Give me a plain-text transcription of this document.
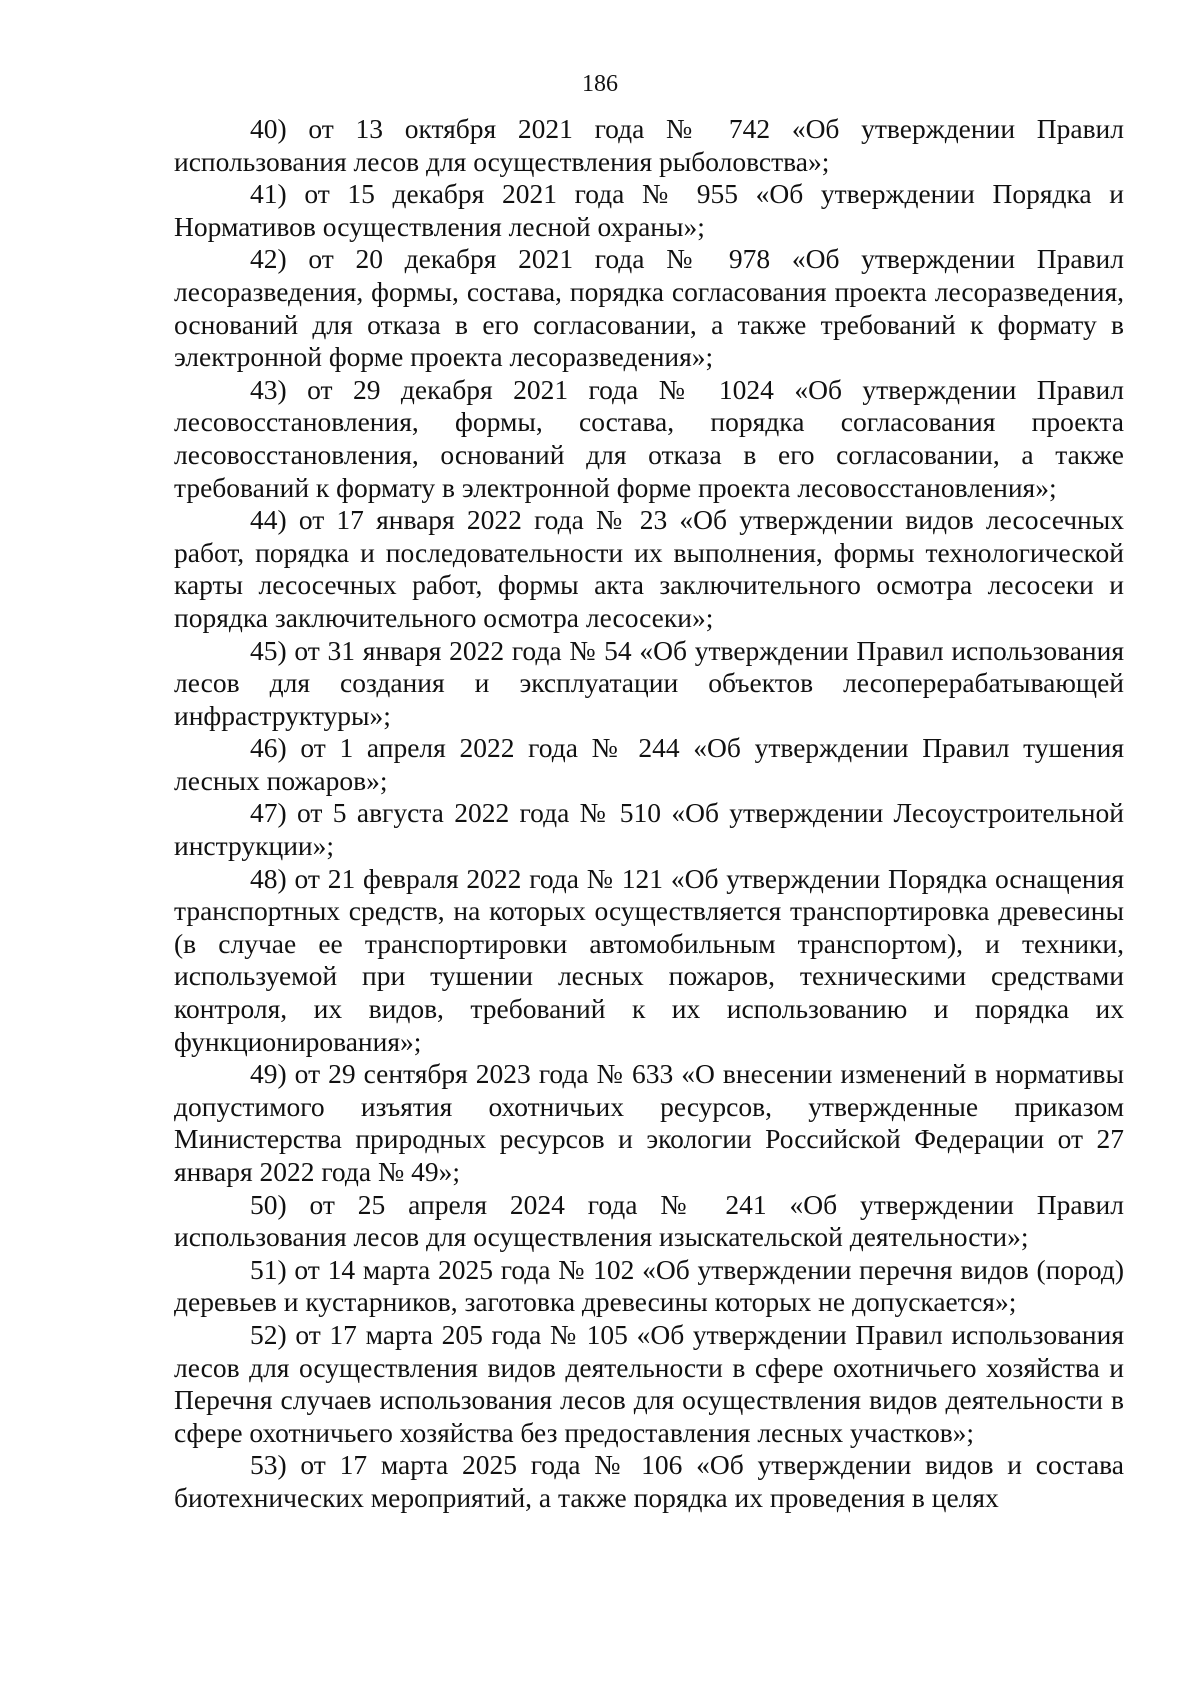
186

40) от 13 октября 2021 года № 742 «Об утверждении Правил использования лесов для осуществления рыболовства»;

41) от 15 декабря 2021 года № 955 «Об утверждении Порядка и Нормативов осуществления лесной охраны»;

42) от 20 декабря 2021 года № 978 «Об утверждении Правил лесоразведения, формы, состава, порядка согласования проекта лесоразведения, оснований для отказа в его согласовании, а также требований к формату в электронной форме проекта лесоразведения»;

43) от 29 декабря 2021 года № 1024 «Об утверждении Правил лесовосстановления, формы, состава, порядка согласования проекта лесовосстановления, оснований для отказа в его согласовании, а также требований к формату в электронной форме проекта лесовосстановления»;

44) от 17 января 2022 года № 23 «Об утверждении видов лесосечных работ, порядка и последовательности их выполнения, формы технологической карты лесосечных работ, формы акта заключительного осмотра лесосеки и порядка заключительного осмотра лесосеки»;

45) от 31 января 2022 года № 54 «Об утверждении Правил использования лесов для создания и эксплуатации объектов лесоперерабатывающей инфраструктуры»;

46) от 1 апреля 2022 года № 244 «Об утверждении Правил тушения лесных пожаров»;

47) от 5 августа 2022 года № 510 «Об утверждении Лесоустроительной инструкции»;

48) от 21 февраля 2022 года № 121 «Об утверждении Порядка оснащения транспортных средств, на которых осуществляется транспортировка древесины (в случае ее транспортировки автомобильным транспортом), и техники, используемой при тушении лесных пожаров, техническими средствами контроля, их видов, требований к их использованию и порядка их функционирования»;

49) от 29 сентября 2023 года № 633 «О внесении изменений в нормативы допустимого изъятия охотничьих ресурсов, утвержденные приказом Министерства природных ресурсов и экологии Российской Федерации от 27 января 2022 года № 49»;

50) от 25 апреля 2024 года № 241 «Об утверждении Правил использования лесов для осуществления изыскательской деятельности»;

51) от 14 марта 2025 года № 102 «Об утверждении перечня видов (пород) деревьев и кустарников, заготовка древесины которых не допускается»;

52) от 17 марта 205 года № 105 «Об утверждении Правил использования лесов для осуществления видов деятельности в сфере охотничьего хозяйства и Перечня случаев использования лесов для осуществления видов деятельности в сфере охотничьего хозяйства без предоставления лесных участков»;

53) от 17 марта 2025 года № 106 «Об утверждении видов и состава биотехнических мероприятий, а также порядка их проведения в целях
